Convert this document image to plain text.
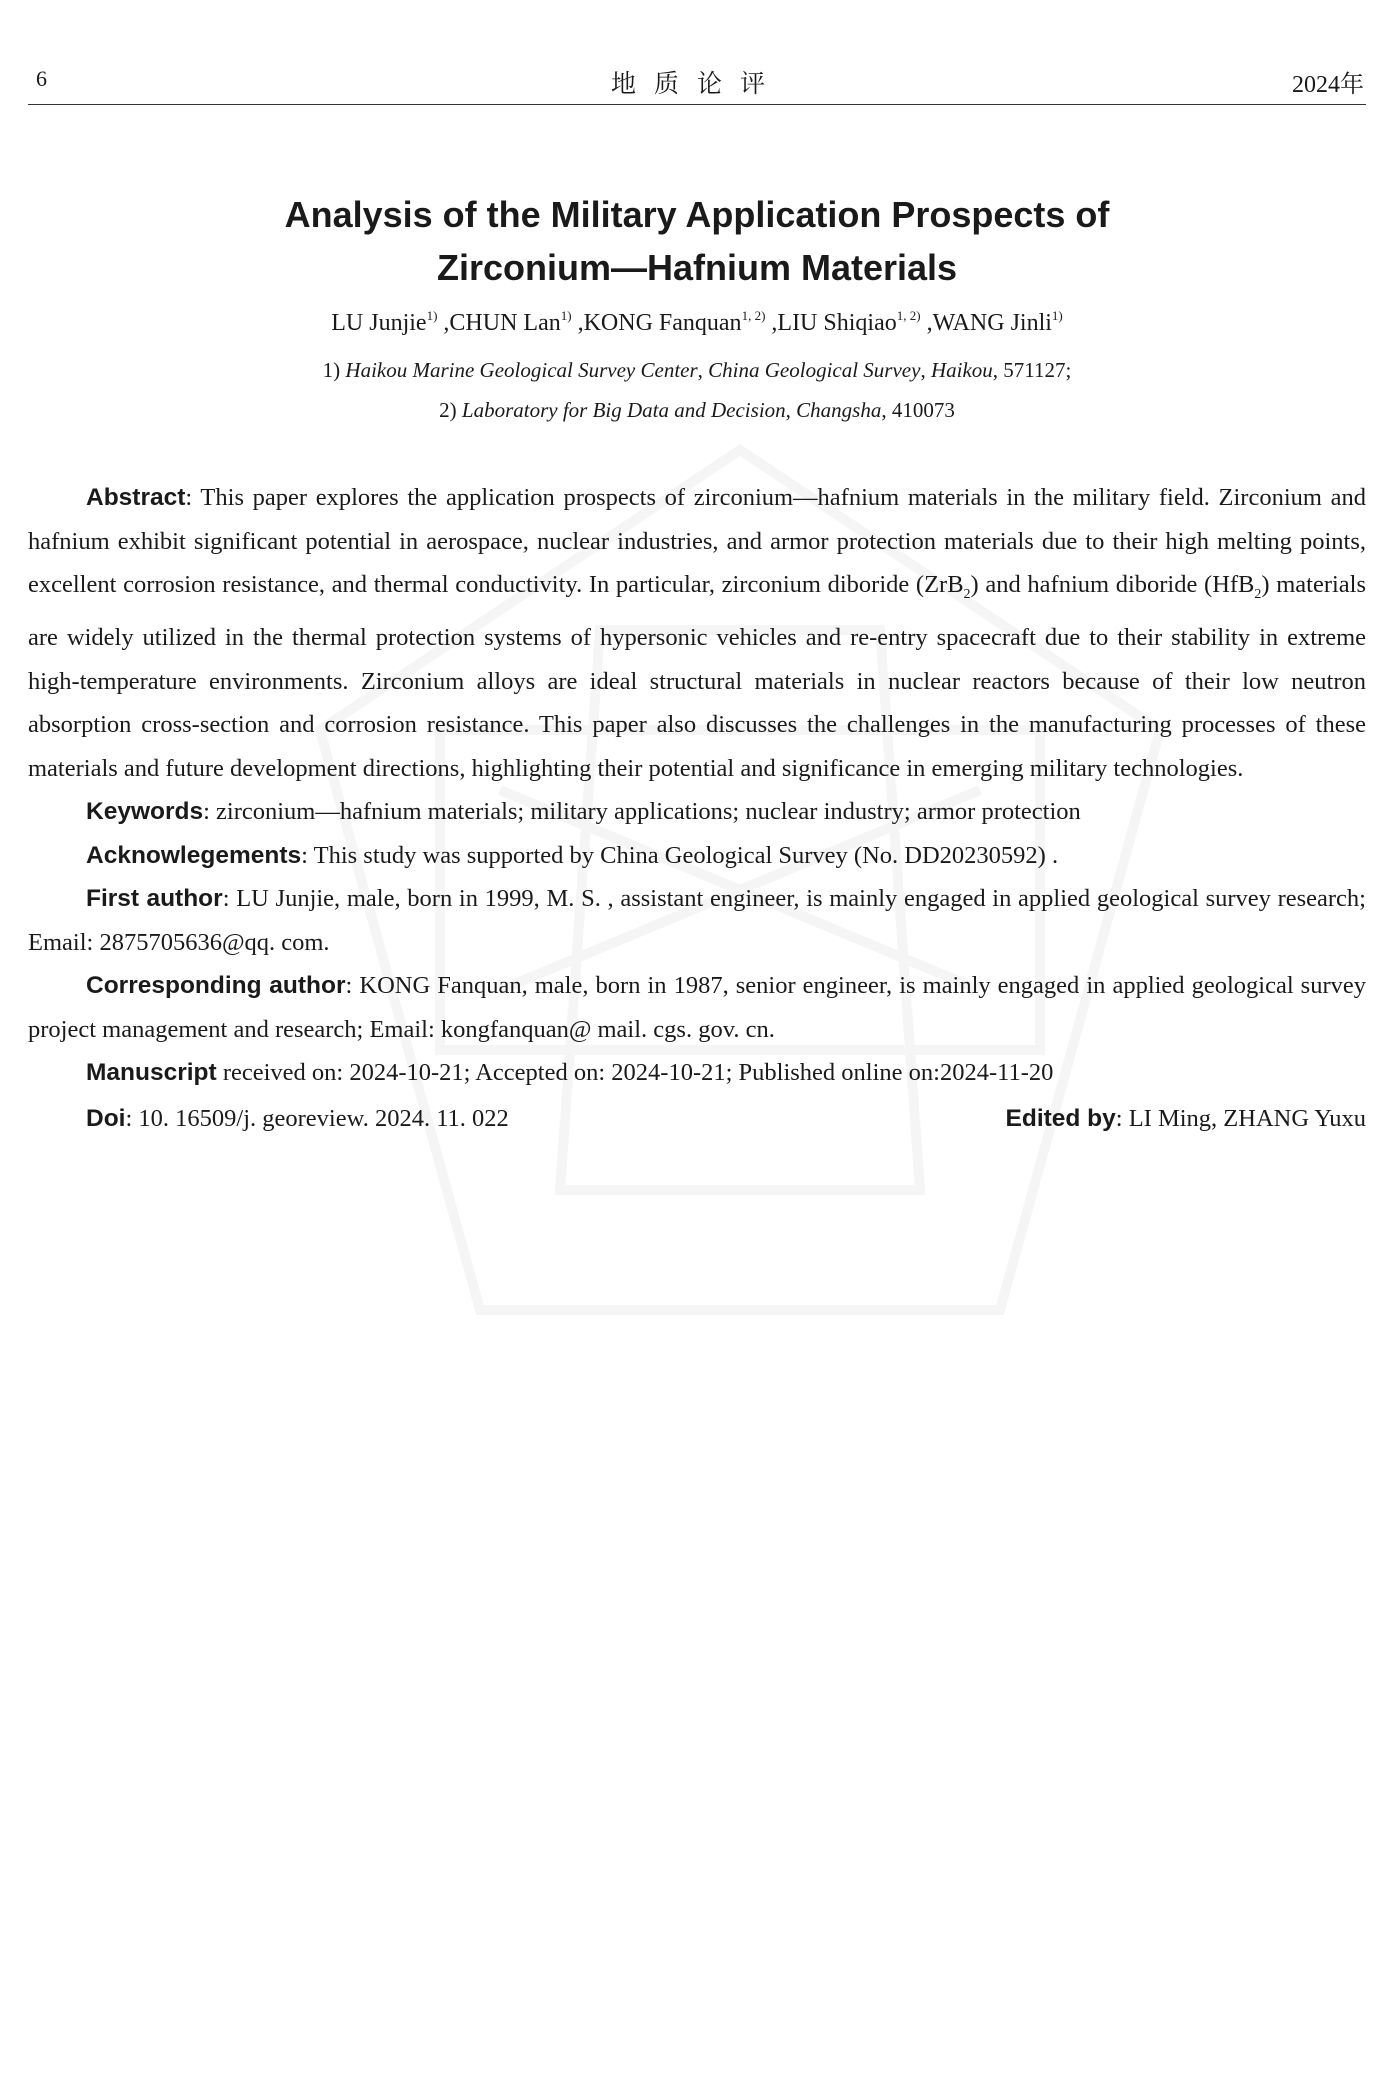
6	地质论评	2024年
Analysis of the Military Application Prospects of
Zirconium—Hafnium Materials
LU Junjie$^{1)}$ ,CHUN Lan$^{1)}$ ,KONG Fanquan$^{1, 2)}$ ,LIU Shiqiao$^{1, 2)}$ ,WANG Jinli$^{1)}$
1) Haikou Marine Geological Survey Center, China Geological Survey, Haikou, 571127;
2) Laboratory for Big Data and Decision, Changsha, 410073

Abstract: This paper explores the application prospects of zirconium—hafnium materials in the military field. Zirconium and hafnium exhibit significant potential in aerospace, nuclear industries, and armor protection materials due to their high melting points, excellent corrosion resistance, and thermal conductivity. In particular, zirconium diboride (ZrB$_2$) and hafnium diboride (HfB$_2$) materials are widely utilized in the thermal protection systems of hypersonic vehicles and re-entry spacecraft due to their stability in extreme high-temperature environments. Zirconium alloys are ideal structural materials in nuclear reactors because of their low neutron absorption cross-section and corrosion resistance. This paper also discusses the challenges in the manufacturing processes of these materials and future development directions, highlighting their potential and significance in emerging military technologies.

Keywords: zirconium—hafnium materials; military applications; nuclear industry; armor protection

Acknowlegements: This study was supported by China Geological Survey (No. DD20230592) .

First author: LU Junjie, male, born in 1999, M. S. , assistant engineer, is mainly engaged in applied geological survey research; Email: 2875705636@qq. com.

Corresponding author: KONG Fanquan, male, born in 1987, senior engineer, is mainly engaged in applied geological survey project management and research; Email: kongfanquan@ mail. cgs. gov. cn.

Manuscript received on: 2024-10-21; Accepted on: 2024-10-21; Published online on:2024-11-20

Doi: 10. 16509/j. georeview. 2024. 11. 022	Edited by: LI Ming, ZHANG Yuxu
